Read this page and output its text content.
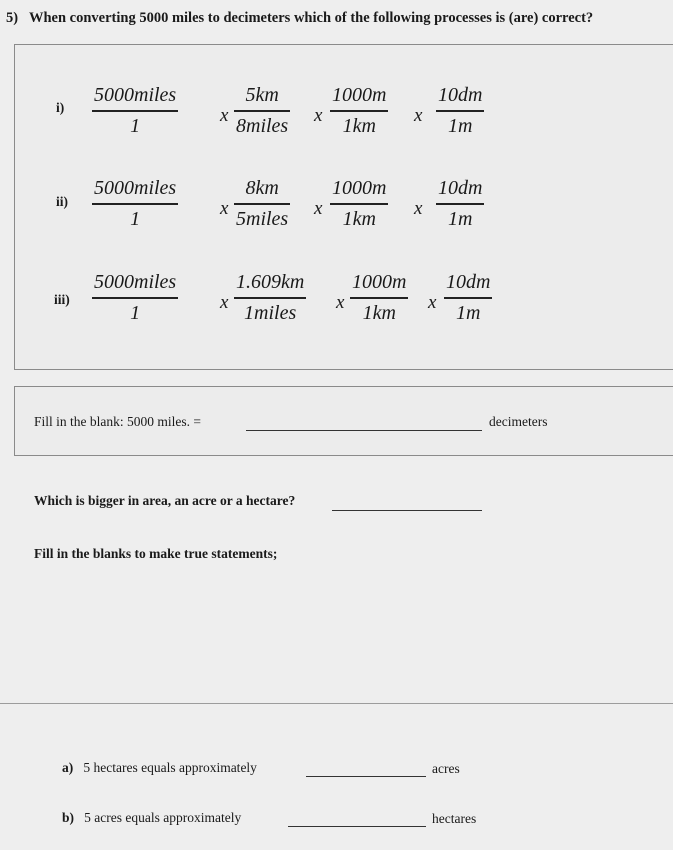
5) When converting 5000 miles to decimeters which of the following processes is (are) correct?
i)
5000miles
1	x
5km
8miles x
1000m
1km x
10dm
1m
ii)
5000miles
1	x
8km
5miles x
1000m
1km x
10dm
1m
iii)
5000miles
1	x
1.609km
1miles x
1000m
1km x
10dm
1m
Fill in the blank: 5000 miles. =	decimeters
Which is bigger in area, an acre or a hectare?
Fill in the blanks to make true statements;
a) 5 hectares equals approximately	acres
b) 5 acres equals approximately	hectares
